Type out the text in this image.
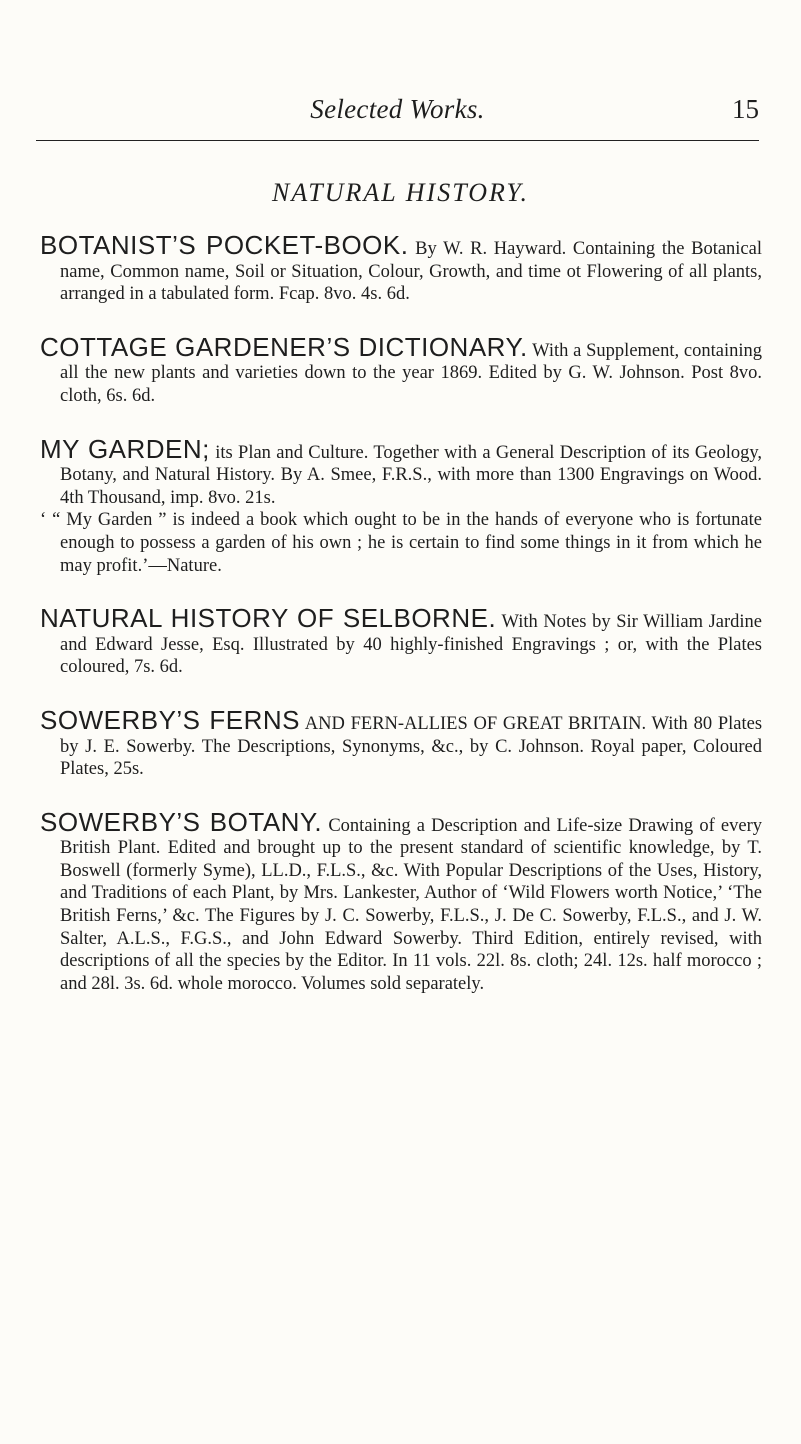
Selected Works.	15
NATURAL HISTORY.

BOTANIST’S POCKET-BOOK. By W. R. Hayward. Containing the Botanical name, Common name, Soil or Situation, Colour, Growth, and time ot Flowering of all plants, arranged in a tabulated form. Fcap. 8vo. 4s. 6d.

COTTAGE GARDENER’S DICTIONARY. With a Supplement, containing all the new plants and varieties down to the year 1869. Edited by G. W. Johnson. Post 8vo. cloth, 6s. 6d.

MY GARDEN; its Plan and Culture. Together with a General Description of its Geology, Botany, and Natural History. By A. Smee, F.R.S., with more than 1300 Engravings on Wood. 4th Thousand, imp. 8vo. 21s.

‘ “ My Garden ” is indeed a book which ought to be in the hands of everyone who is fortunate enough to possess a garden of his own ; he is certain to find some things in it from which he may profit.’—Nature.

NATURAL HISTORY OF SELBORNE. With Notes by Sir William Jardine and Edward Jesse, Esq. Illustrated by 40 highly-finished Engravings ; or, with the Plates coloured, 7s. 6d.

SOWERBY’S FERNS AND FERN-ALLIES OF GREAT BRITAIN. With 80 Plates by J. E. Sowerby. The Descriptions, Synonyms, &c., by C. Johnson. Royal paper, Coloured Plates, 25s.

SOWERBY’S BOTANY. Containing a Description and Life-size Drawing of every British Plant. Edited and brought up to the present standard of scientific knowledge, by T. Boswell (formerly Syme), LL.D., F.L.S., &c. With Popular Descriptions of the Uses, History, and Traditions of each Plant, by Mrs. Lankester, Author of ‘Wild Flowers worth Notice,’ ‘The British Ferns,’ &c. The Figures by J. C. Sowerby, F.L.S., J. De C. Sowerby, F.L.S., and J. W. Salter, A.L.S., F.G.S., and John Edward Sowerby. Third Edition, entirely revised, with descriptions of all the species by the Editor. In 11 vols. 22l. 8s. cloth; 24l. 12s. half morocco ; and 28l. 3s. 6d. whole morocco. Volumes sold separately.
